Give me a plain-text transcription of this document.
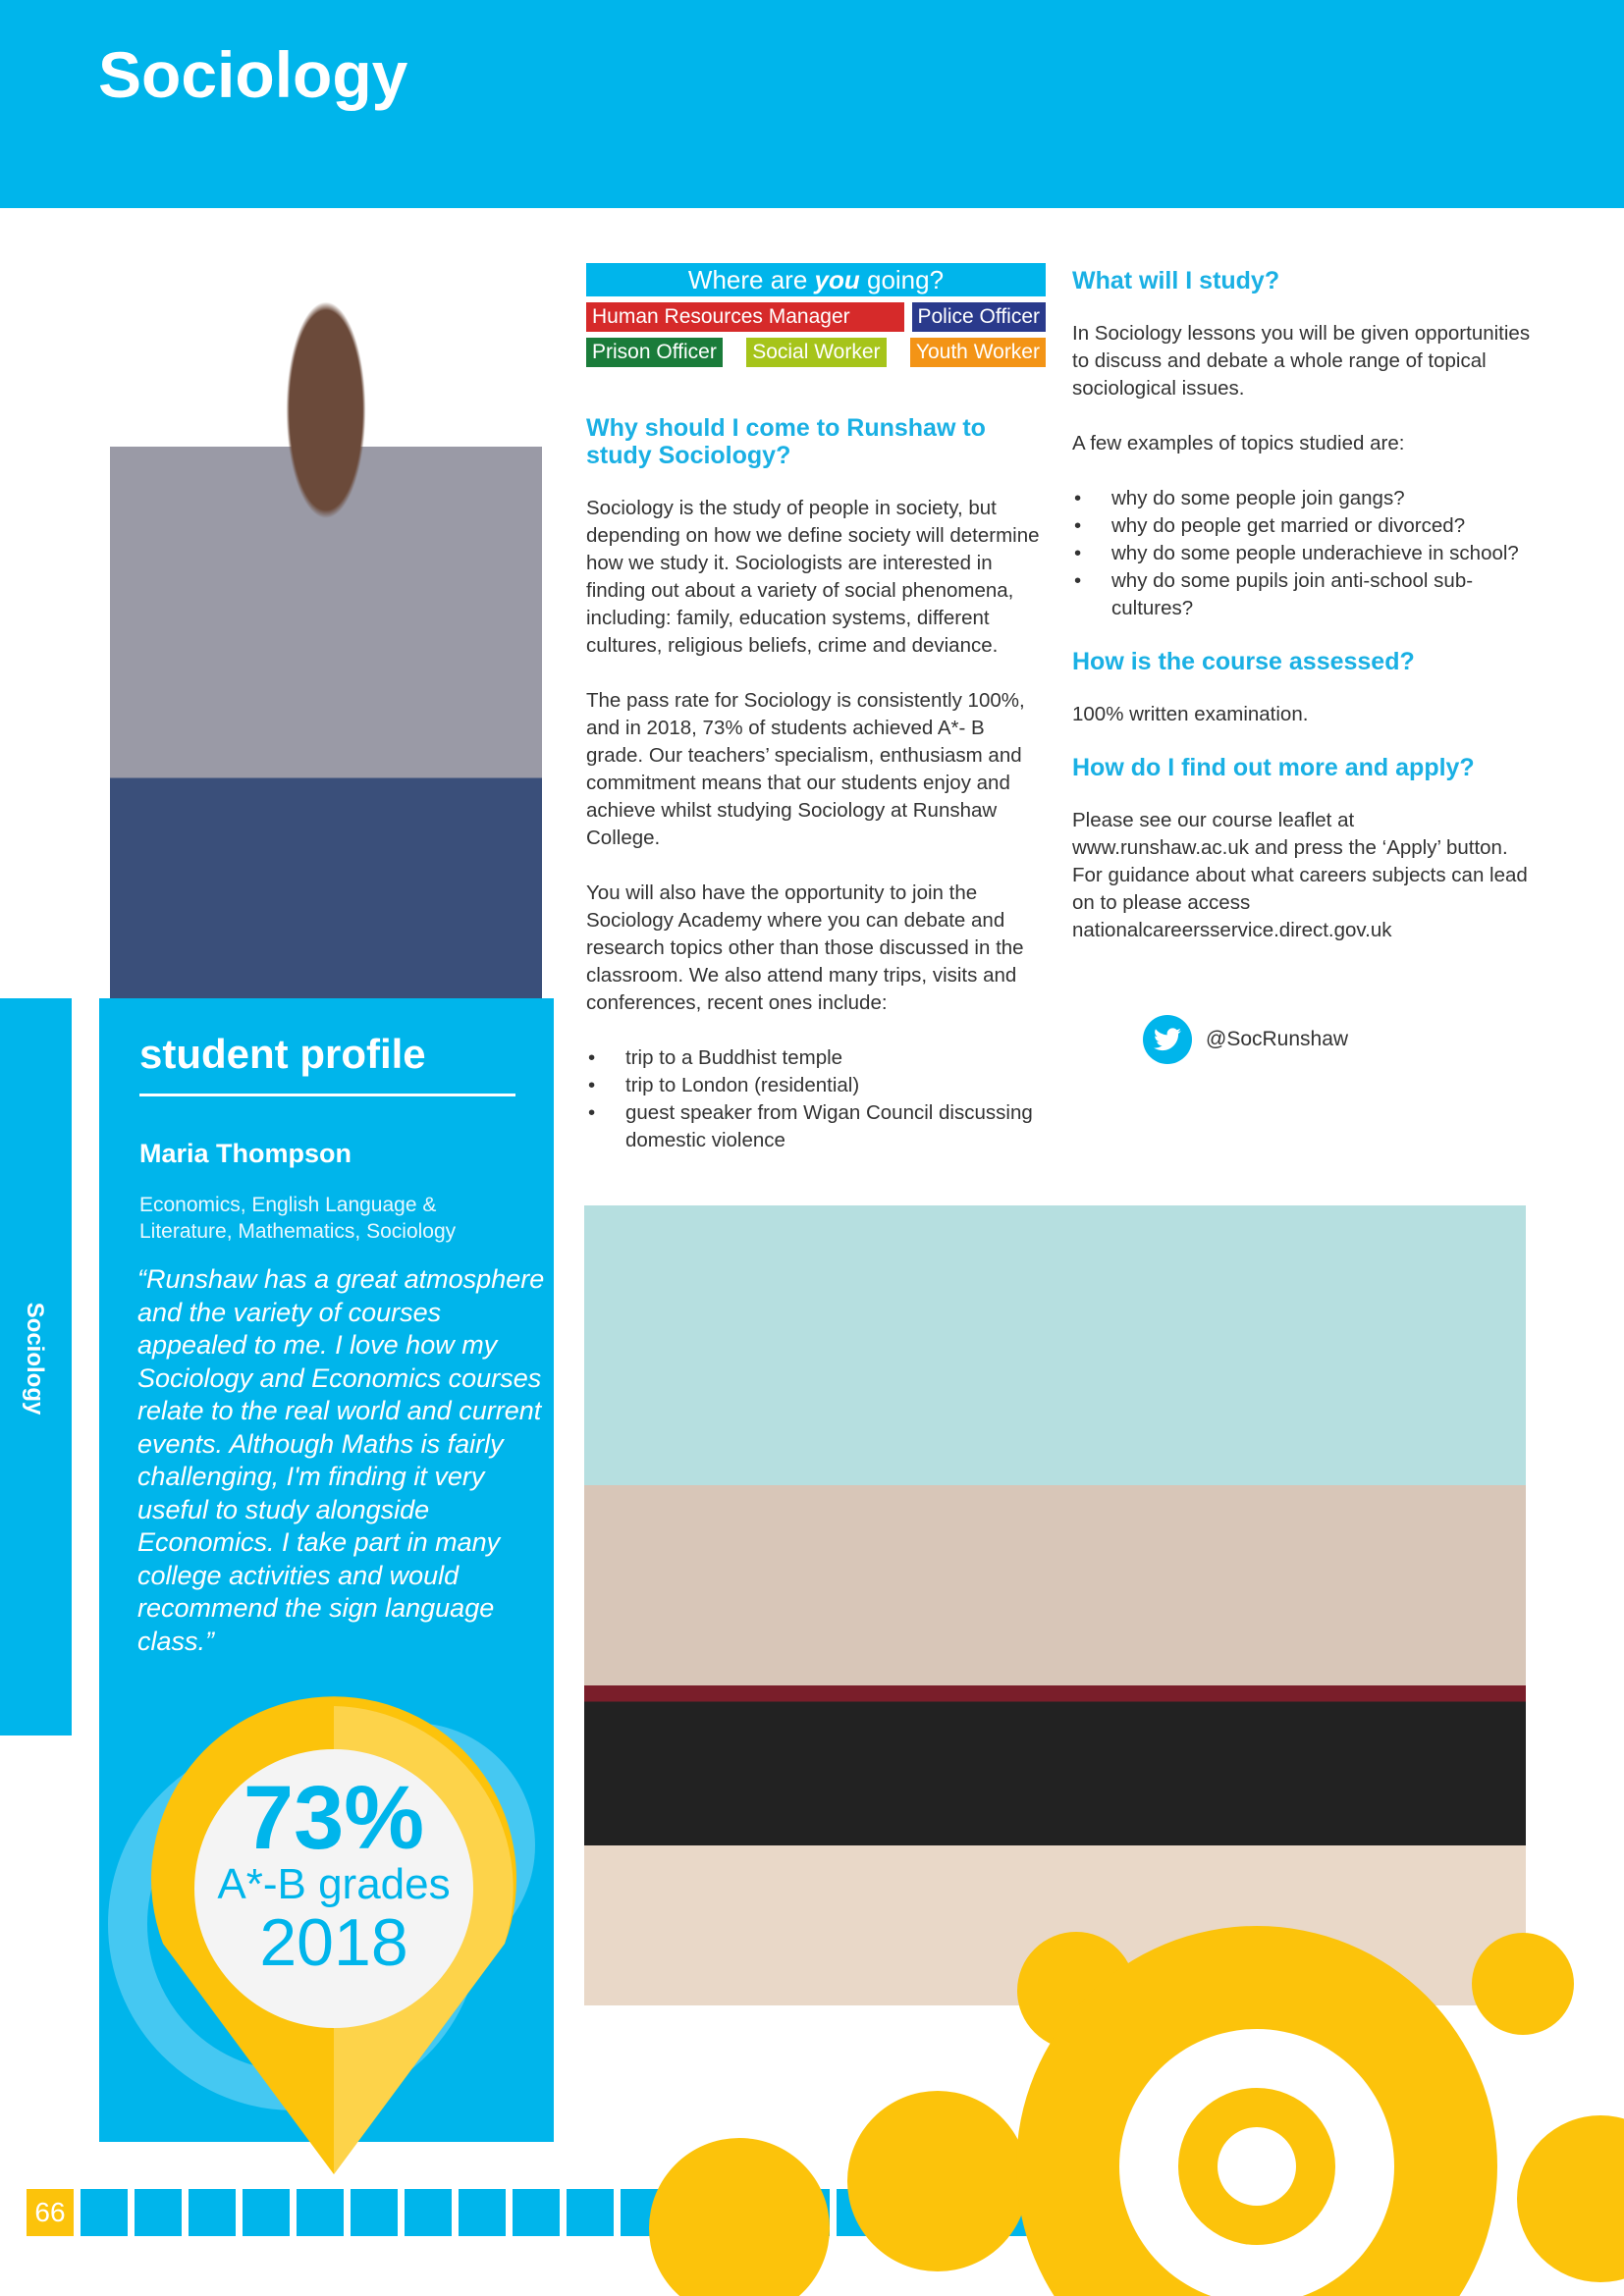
Sociology
Sociology
student profile
Maria Thompson
Economics, English Language & Literature, Mathematics, Sociology
“Runshaw has a great atmosphere and the variety of courses appealed to me. I love how my Sociology and Economics courses relate to the real world and current events. Although Maths is fairly challenging, I'm finding it very useful to study alongside Economics. I take part in many college activities and would recommend the sign language class.”
73%
A*-B grades
2018
66
Where are you going?
Human Resources Manager	Police Officer
Prison Officer Social Worker Youth Worker
Why should I come to Runshaw to study Sociology?

Sociology is the study of people in society, but depending on how we define society will determine how we study it. Sociologists are interested in finding out about a variety of social phenomena, including: family, education systems, different cultures, religious beliefs, crime and deviance.

The pass rate for Sociology is consistently 100%, and in 2018, 73% of students achieved A*- B grade. Our teachers’ specialism, enthusiasm and commitment means that our students enjoy and achieve whilst studying Sociology at Runshaw College.

You will also have the opportunity to join the Sociology Academy where you can debate and research topics other than those discussed in the classroom. We also attend many trips, visits and conferences, recent ones include:

• trip to a Buddhist temple
• trip to London (residential)
• guest speaker from Wigan Council discussing domestic violence
What will I study?

In Sociology lessons you will be given opportunities to discuss and debate a whole range of topical sociological issues.

A few examples of topics studied are:

• why do some people join gangs?
• why do people get married or divorced?
• why do some people underachieve in school?
• why do some pupils join anti-school sub-cultures?
How is the course assessed?

100% written examination.

How do I find out more and apply?

Please see our course leaflet at www.runshaw.ac.uk and press the ‘Apply’ button. For guidance about what careers subjects can lead on to please access nationalcareersservice.direct.gov.uk

@SocRunshaw
